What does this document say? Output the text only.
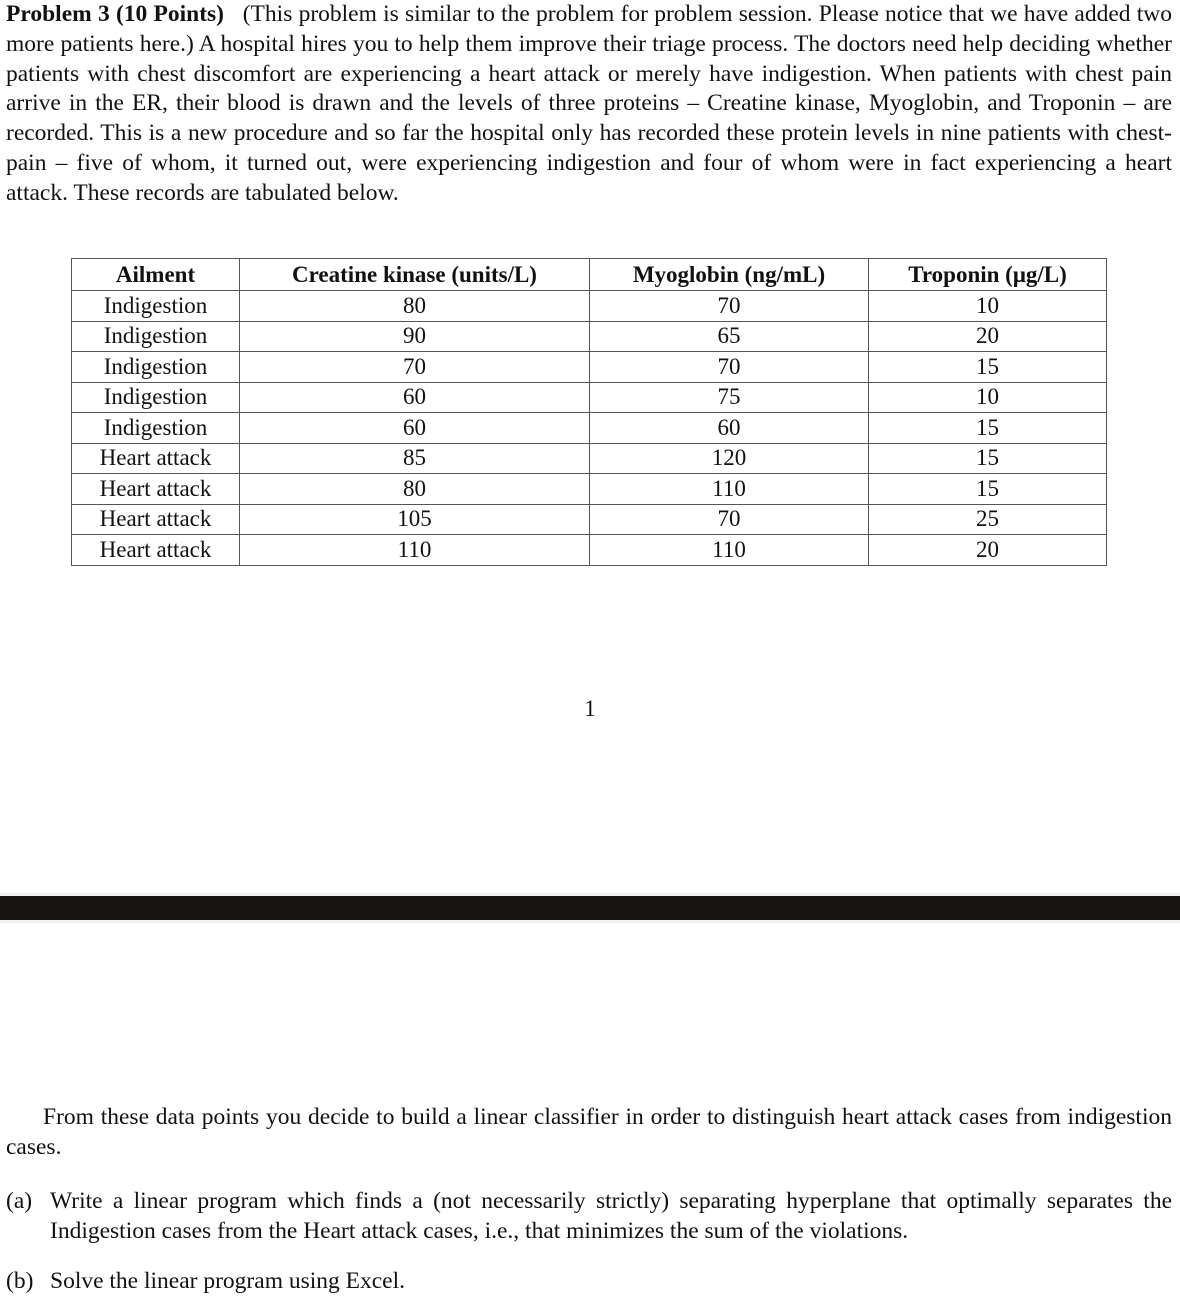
Problem 3 (10 Points) (This problem is similar to the problem for problem session. Please notice that we have added two more patients here.) A hospital hires you to help them improve their triage process. The doctors need help deciding whether patients with chest discomfort are experiencing a heart attack or merely have indigestion. When patients with chest pain arrive in the ER, their blood is drawn and the levels of three proteins – Creatine kinase, Myoglobin, and Troponin – are recorded. This is a new procedure and so far the hospital only has recorded these protein levels in nine patients with chest-pain – five of whom, it turned out, were experiencing indigestion and four of whom were in fact experiencing a heart attack. These records are tabulated below.
Ailment	Creatine kinase (units/L)	Myoglobin (ng/mL)	Troponin (μg/L)
Indigestion	80	70	10
Indigestion	90	65	20
Indigestion	70	70	15
Indigestion	60	75	10
Indigestion	60	60	15
Heart attack	85	120	15
Heart attack	80	110	15
Heart attack	105	70	25
Heart attack	110	110	20
1
From these data points you decide to build a linear classifier in order to distinguish heart attack cases from indigestion cases.
(a) Write a linear program which finds a (not necessarily strictly) separating hyperplane that optimally separates the Indigestion cases from the Heart attack cases, i.e., that minimizes the sum of the violations.
(b) Solve the linear program using Excel.
